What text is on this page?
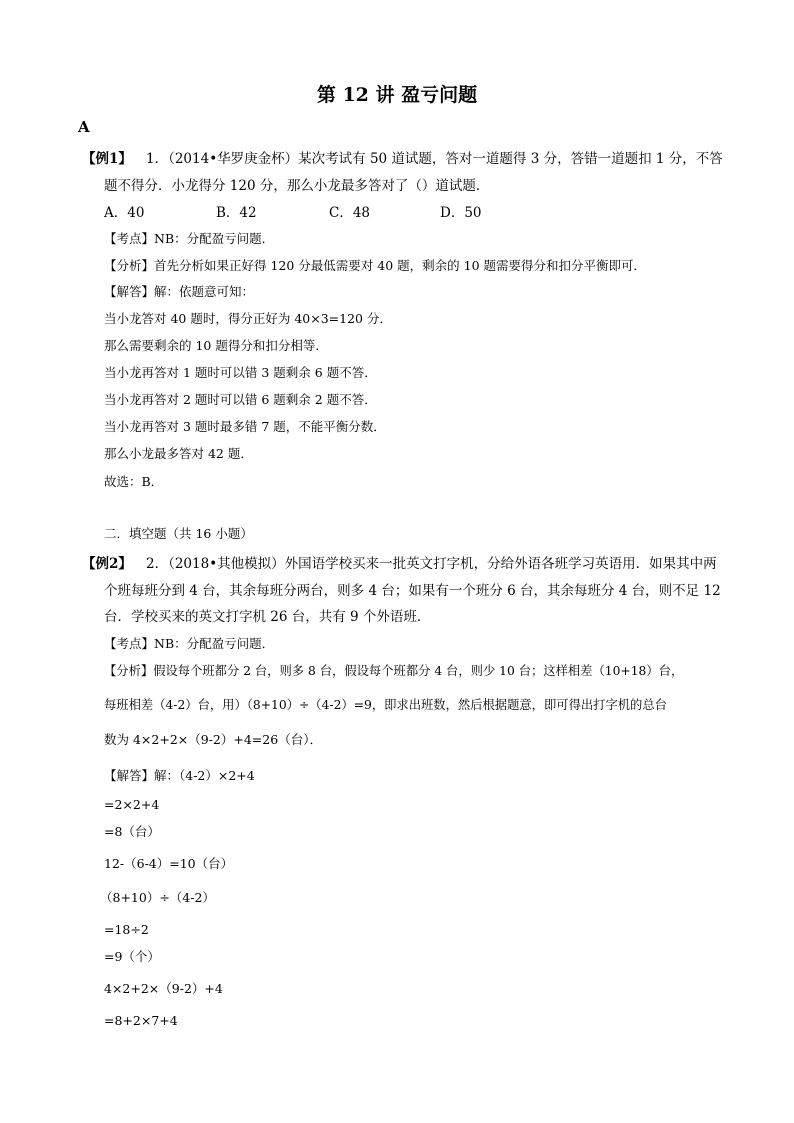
第 12 讲 盈亏问题
A
【例1】 1．（2014•华罗庚金杯）某次考试有 50 道试题，答对一道题得 3 分，答错一道题扣 1 分，不答
题不得分．小龙得分 120 分，那么小龙最多答对了（）道试题．
A．40	B．42	C．48	D．50
【考点】NB：分配盈亏问题．
【分析】首先分析如果正好得 120 分最低需要对 40 题，剩余的 10 题需要得分和扣分平衡即可．
【解答】解：依题意可知：
当小龙答对 40 题时，得分正好为 40×3=120 分．
那么需要剩余的 10 题得分和扣分相等．
当小龙再答对 1 题时可以错 3 题剩余 6 题不答．
当小龙再答对 2 题时可以错 6 题剩余 2 题不答．
当小龙再答对 3 题时最多错 7 题，不能平衡分数．
那么小龙最多答对 42 题．
故选：B．
二．填空题（共 16 小题）
【例2】 2．（2018•其他模拟）外国语学校买来一批英文打字机，分给外语各班学习英语用．如果其中两
个班每班分到 4 台，其余每班分两台，则多 4 台；如果有一个班分 6 台，其余每班分 4 台，则不足 12
台．学校买来的英文打字机 26 台，共有 9 个外语班．
【考点】NB：分配盈亏问题．
【分析】假设每个班都分 2 台，则多 8 台，假设每个班都分 4 台，则少 10 台；这样相差（10+18）台，
每班相差（4-2）台，用）（8+10）÷（4-2）=9，即求出班数，然后根据题意，即可得出打字机的总台
数为 4×2+2×（9-2）+4=26（台）．
【解答】解：（4-2）×2+4
=2×2+4
=8（台）
12-（6-4）=10（台）
（8+10）÷（4-2）
=18÷2
=9（个）
4×2+2×（9-2）+4
=8+2×7+4
